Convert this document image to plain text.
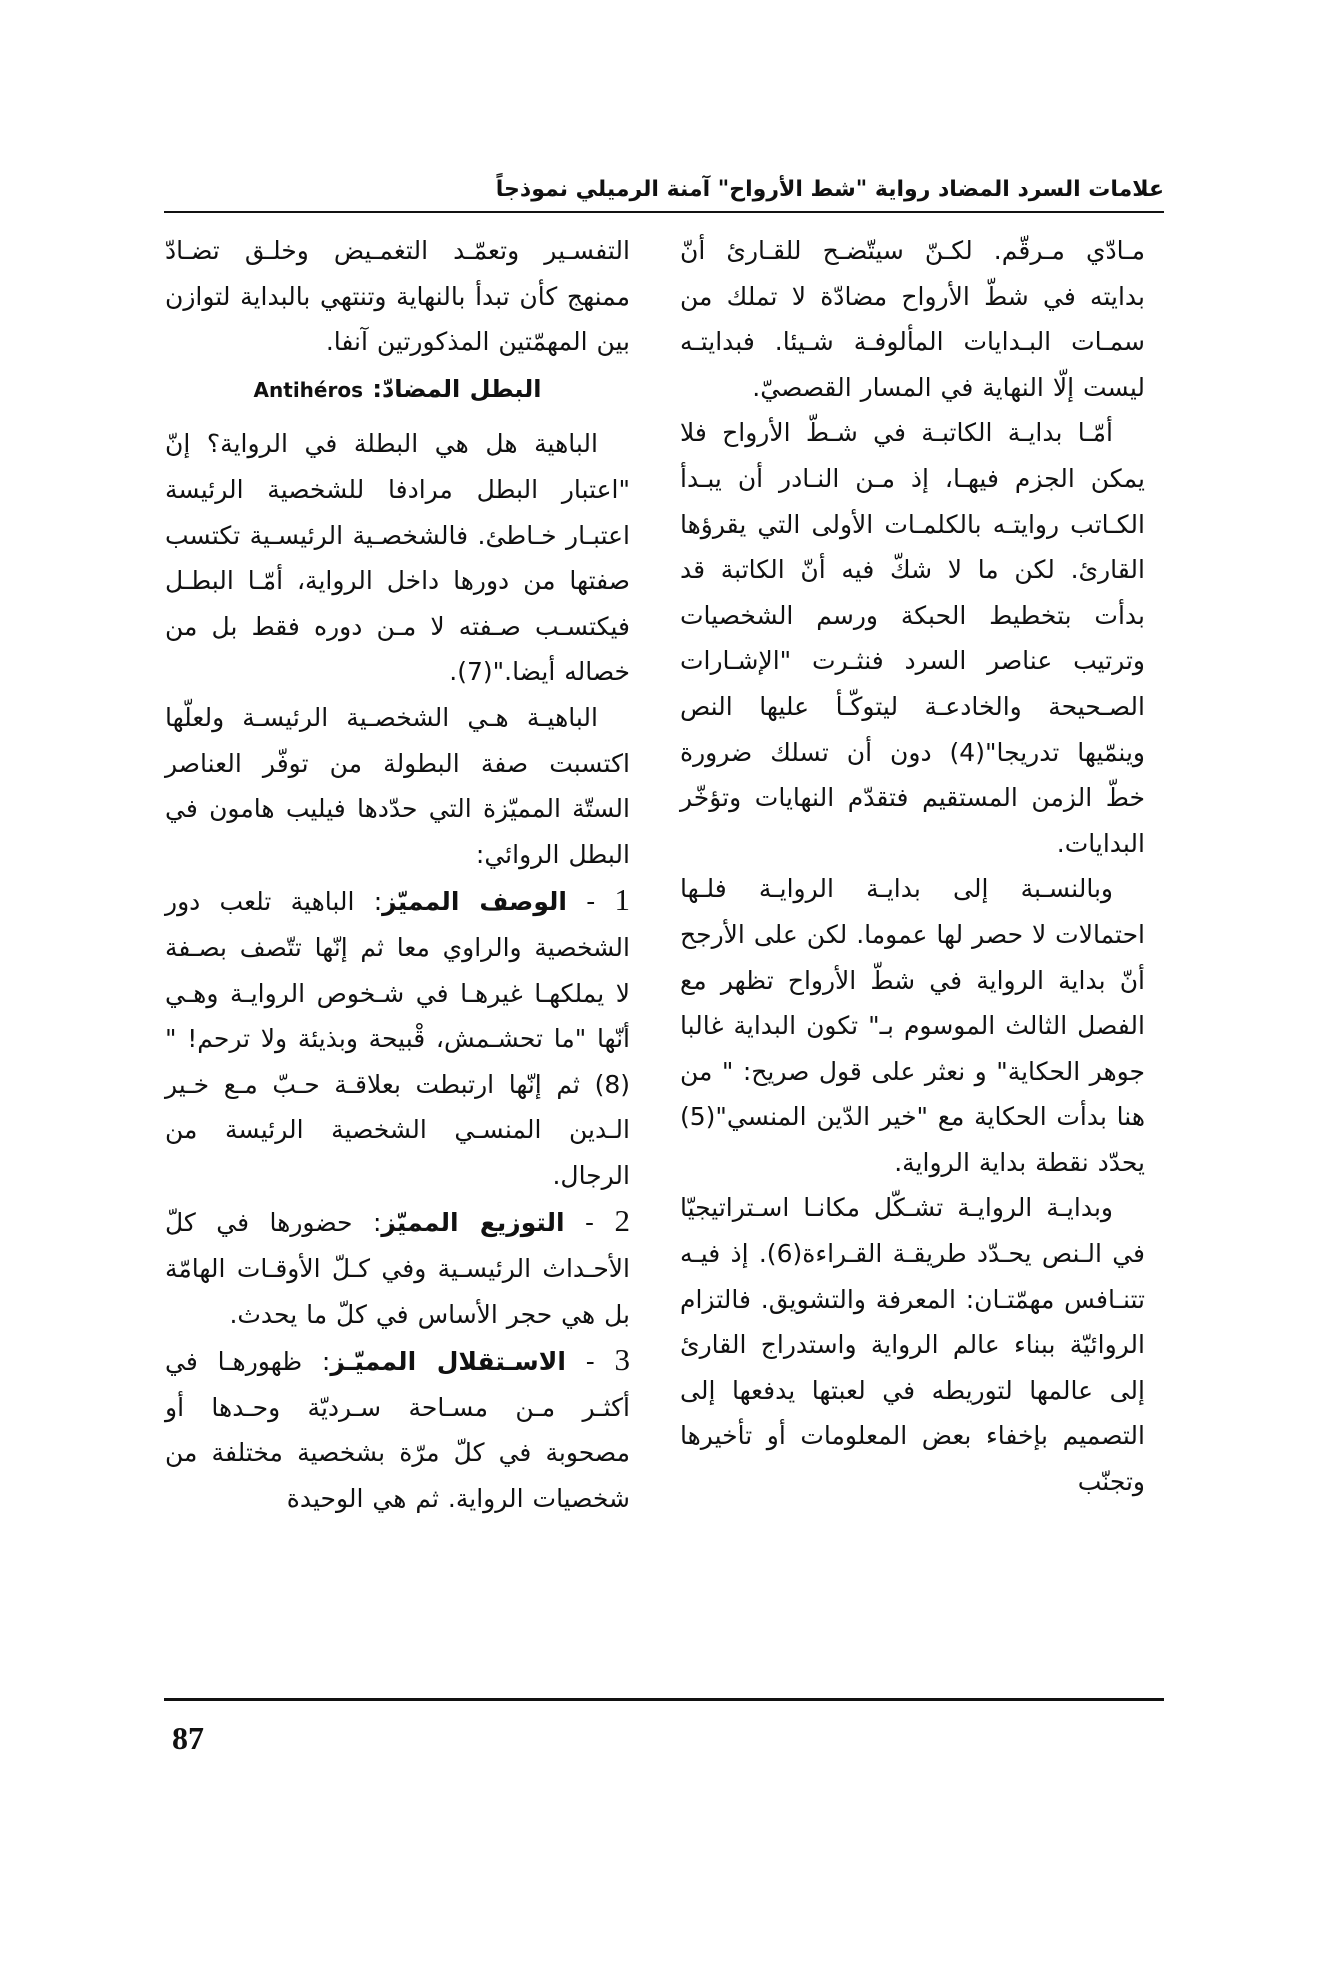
علامات السرد المضاد رواية "شط الأرواح" آمنة الرميلي نموذجاً

مـادّي مـرقّم. لكـنّ سيتّضـح للقـارئ أنّ بدايته في شطّ الأرواح مضادّة لا تملك من سمـات البـدايات المألوفـة شـيئا. فبدايتـه ليست إلّا النهاية في المسار القصصيّ.

أمّـا بدايـة الكاتبـة في شـطّ الأرواح فلا يمكن الجزم فيهـا، إذ مـن النـادر أن يبـدأ الكـاتب روايتـه بالكلمـات الأولى التي يقرؤها القارئ. لكن ما لا شكّ فيه أنّ الكاتبة قد بدأت بتخطيط الحبكة ورسم الشخصيات وترتيب عناصر السرد فنثـرت "الإشـارات الصـحيحة والخادعـة ليتوكّـأ عليها النص وينمّيها تدريجا"(4) دون أن تسلك ضرورة خطّ الزمن المستقيم فتقدّم النهايات وتؤخّر البدايات.

وبالنسـبة إلى بدايـة الروايـة فلـها احتمالات لا حصر لها عموما. لكن على الأرجح أنّ بداية الرواية في شطّ الأرواح تظهر مع الفصل الثالث الموسوم بـ" تكون البداية غالبا جوهر الحكاية" و نعثر على قول صريح: " من هنا بدأت الحكاية مع "خير الدّين المنسي"(5) يحدّد نقطة بداية الرواية.

وبدايـة الروايـة تشـكّل مكانـا اسـتراتيجيّا في الـنص يحـدّد طريقـة القـراءة(6). إذ فيـه تتنـافس مهمّتـان: المعرفة والتشويق. فالتزام الروائيّة ببناء عالم الرواية واستدراج القارئ إلى عالمها لتوريطه في لعبتها يدفعها إلى التصميم بإخفاء بعض المعلومات أو تأخيرها وتجنّب

التفسـير وتعمّـد التغمـيض وخلـق تضـادّ ممنهج كأن تبدأ بالنهاية وتنتهي بالبداية لتوازن بين المهمّتين المذكورتين آنفا.

البطل المضادّ: Antihéros

الباهية هل هي البطلة في الرواية؟ إنّ "اعتبار البطل مرادفا للشخصية الرئيسة اعتبـار خـاطئ. فالشخصـية الرئيسـية تكتسب صفتها من دورها داخل الرواية، أمّـا البطـل فيكتسـب صـفته لا مـن دوره فقط بل من خصاله أيضا."(7).

الباهيـة هـي الشخصـية الرئيسـة ولعلّها اكتسبت صفة البطولة من توفّر العناصر الستّة المميّزة التي حدّدها فيليب هامون في البطل الروائي:

1 - الوصف المميّز: الباهية تلعب دور الشخصية والراوي معا ثم إنّها تتّصف بصـفة لا يملكهـا غيرهـا في شـخوص الروايـة وهـي أنّها "ما تحشـمش، قْبيحة وبذيئة ولا ترحم! "(8) ثم إنّها ارتبطت بعلاقـة حـبّ مـع خـير الـدين المنسـي الشخصية الرئيسة من الرجال.

2 - التوزيع المميّز: حضورها في كلّ الأحـداث الرئيسـية وفي كـلّ الأوقـات الهامّة بل هي حجر الأساس في كلّ ما يحدث.

3 - الاسـتقلال المميّـز: ظهورهـا في أكثـر مـن مسـاحة سـرديّة وحـدها أو مصحوبة في كلّ مرّة بشخصية مختلفة من شخصيات الرواية. ثم هي الوحيدة

87
